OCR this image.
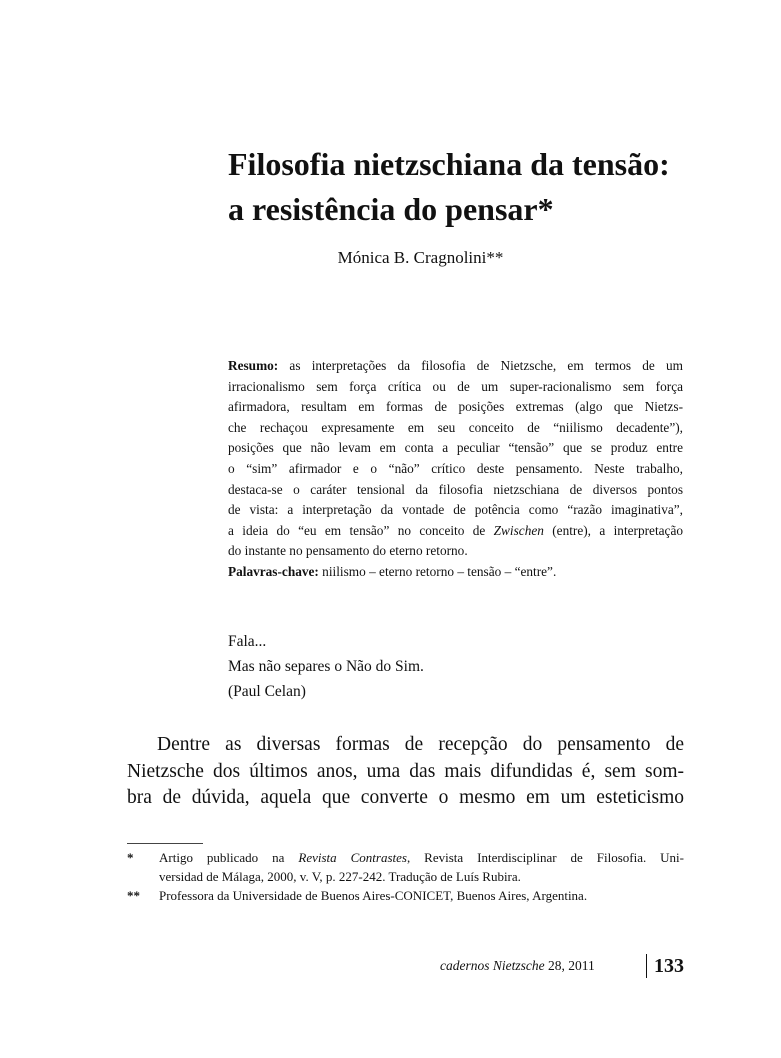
Filosofia nietzschiana da tensão:
a resistência do pensar*
Mónica B. Cragnolini**
Resumo: as interpretações da filosofia de Nietzsche, em termos de um
irracionalismo sem força crítica ou de um super-racionalismo sem força
afirmadora, resultam em formas de posições extremas (algo que Nietzs-
che rechaçou expresamente em seu conceito de “niilismo decadente”),
posições que não levam em conta a peculiar “tensão” que se produz entre
o “sim” afirmador e o “não” crítico deste pensamento. Neste trabalho,
destaca-se o caráter tensional da filosofia nietzschiana de diversos pontos
de vista: a interpretação da vontade de potência como “razão imaginativa”,
a ideia do “eu em tensão” no conceito de Zwischen (entre), a interpretação
do instante no pensamento do eterno retorno.
Palavras-chave: niilismo – eterno retorno – tensão – “entre”.
Fala...
Mas não separes o Não do Sim.
(Paul Celan)
Dentre as diversas formas de recepção do pensamento de
Nietzsche dos últimos anos, uma das mais difundidas é, sem som-
bra de dúvida, aquela que converte o mesmo em um esteticismo
* Artigo publicado na Revista Contrastes, Revista Interdisciplinar de Filosofia. Uni-
versidad de Málaga, 2000, v. V, p. 227-242. Tradução de Luís Rubira.
** Professora da Universidade de Buenos Aires-CONICET, Buenos Aires, Argentina.
cadernos Nietzsche 28, 2011	133
